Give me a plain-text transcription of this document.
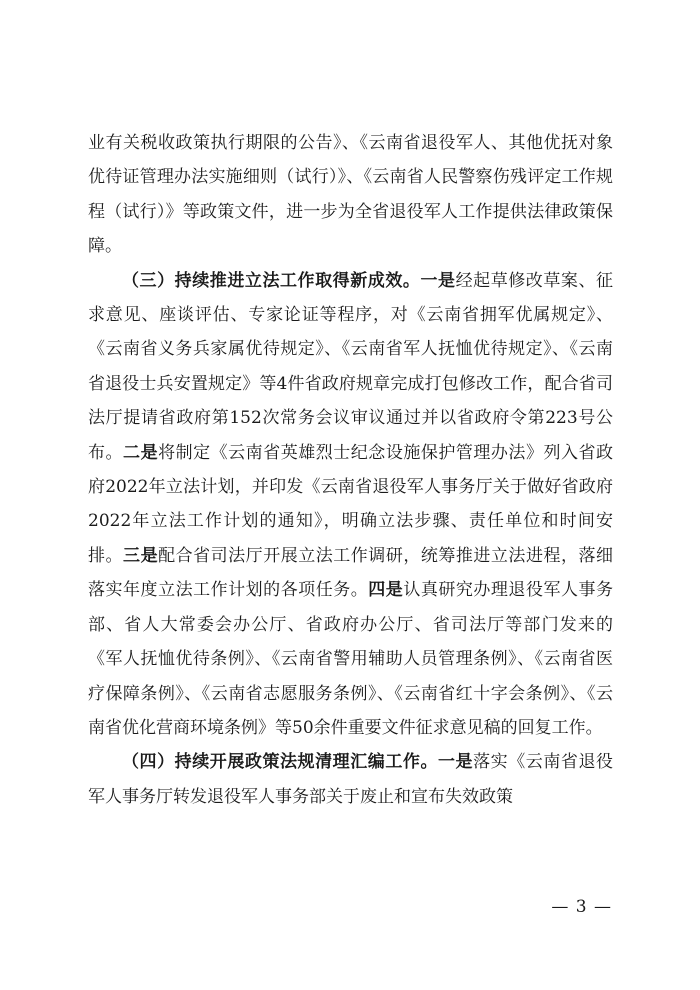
业有关税收政策执行期限的公告》、《云南省退役军人、其他优抚对象优待证管理办法实施细则（试行）》、《云南省人民警察伤残评定工作规程（试行）》等政策文件，进一步为全省退役军人工作提供法律政策保障。

（三）持续推进立法工作取得新成效。一是经起草修改草案、征求意见、座谈评估、专家论证等程序，对《云南省拥军优属规定》、《云南省义务兵家属优待规定》、《云南省军人抚恤优待规定》、《云南省退役士兵安置规定》等4件省政府规章完成打包修改工作，配合省司法厅提请省政府第152次常务会议审议通过并以省政府令第223号公布。二是将制定《云南省英雄烈士纪念设施保护管理办法》列入省政府2022年立法计划，并印发《云南省退役军人事务厅关于做好省政府2022年立法工作计划的通知》，明确立法步骤、责任单位和时间安排。三是配合省司法厅开展立法工作调研，统筹推进立法进程，落细落实年度立法工作计划的各项任务。四是认真研究办理退役军人事务部、省人大常委会办公厅、省政府办公厅、省司法厅等部门发来的《军人抚恤优待条例》、《云南省警用辅助人员管理条例》、《云南省医疗保障条例》、《云南省志愿服务条例》、《云南省红十字会条例》、《云南省优化营商环境条例》等50余件重要文件征求意见稿的回复工作。

（四）持续开展政策法规清理汇编工作。一是落实《云南省退役军人事务厅转发退役军人事务部关于废止和宣布失效政策

— 3 —
